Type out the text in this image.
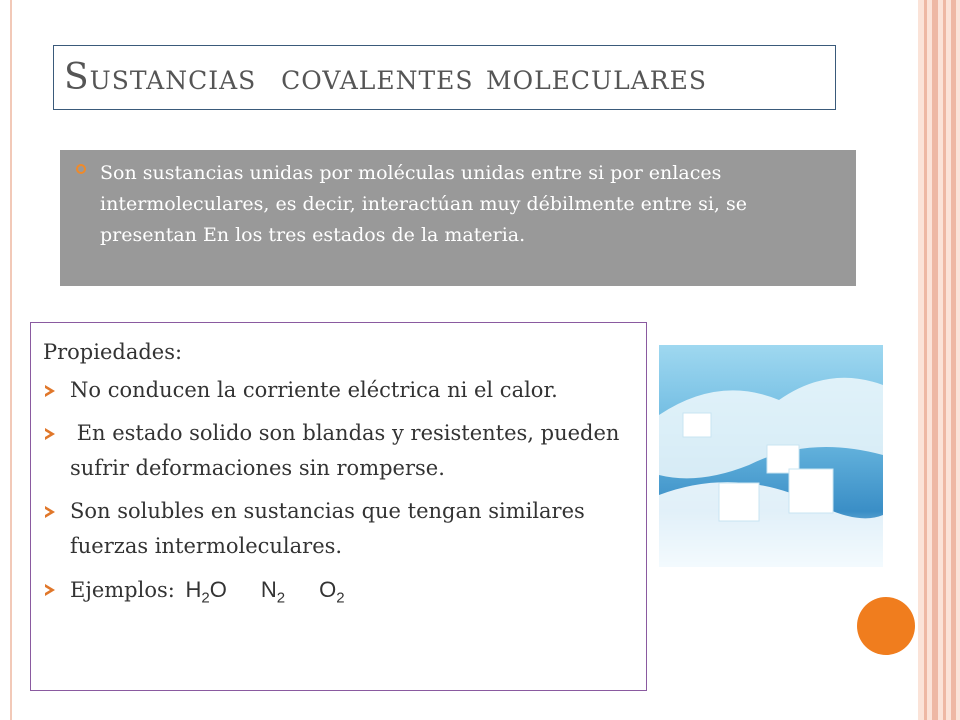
Sustancias covalentes moleculares

Son sustancias unidas por moléculas unidas entre si por enlaces intermoleculares, es decir, interactúan muy débilmente entre si, se presentan En los tres estados de la materia.

Propiedades:

No conducen la corriente eléctrica ni el calor.
En estado solido son blandas y resistentes, pueden sufrir deformaciones sin romperse.
Son solubles en sustancias que tengan similares fuerzas intermoleculares.
Ejemplos: $H_2O$ $N_2$ $O_2$
